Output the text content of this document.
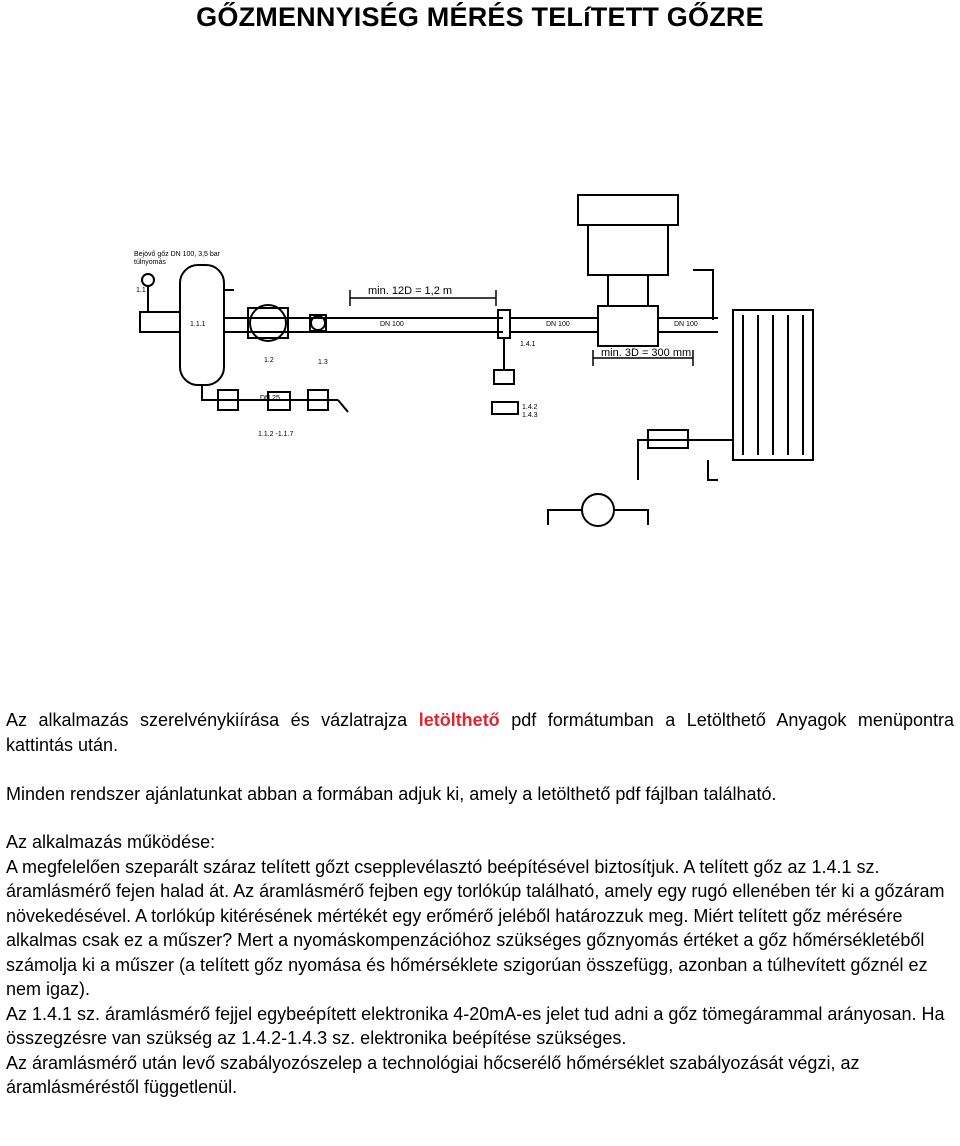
GŐZMENNYISÉG MÉRÉS TELíTETT GŐZRE
Bejövő gőz DN 100, 3,5 bar
túlnyomás
1.1
1.1.1
1.2	1.3
DN 25
1.1.2 -1.1.7
DN 100	DN 100	DN 100
1.4.1
1.4.2
1.4.3
min. 12D = 1,2 m
min. 3D = 300 mm
Az alkalmazás szerelvénykiírása és vázlatrajza letölthető pdf formátumban a Letölthető Anyagok menüpontra kattintás után.
Minden rendszer ajánlatunkat abban a formában adjuk ki, amely a letölthető pdf fájlban található.
Az alkalmazás működése:
A megfelelően szeparált száraz telített gőzt csepplevélasztó beépítésével biztosítjuk. A telített gőz az 1.4.1 sz. áramlásmérő fejen halad át. Az áramlásmérő fejben egy torlókúp található, amely egy rugó ellenében tér ki a gőzáram növekedésével. A torlókúp kitérésének mértékét egy erőmérő jeléből határozzuk meg. Miért telített gőz mérésére alkalmas csak ez a műszer? Mert a nyomáskompenzációhoz szükséges gőznyomás értéket a gőz hőmérsékletéből számolja ki a műszer (a telített gőz nyomása és hőmérséklete szigorúan összefügg, azonban a túlhevített gőznél ez nem igaz).
Az 1.4.1 sz. áramlásmérő fejjel egybeépített elektronika 4-20mA-es jelet tud adni a gőz tömegárammal arányosan. Ha összegzésre van szükség az 1.4.2-1.4.3 sz. elektronika beépítése szükséges.
Az áramlásmérő után levő szabályozószelep a technológiai hőcserélő hőmérséklet szabályozását végzi, az áramlásméréstől függetlenül.
